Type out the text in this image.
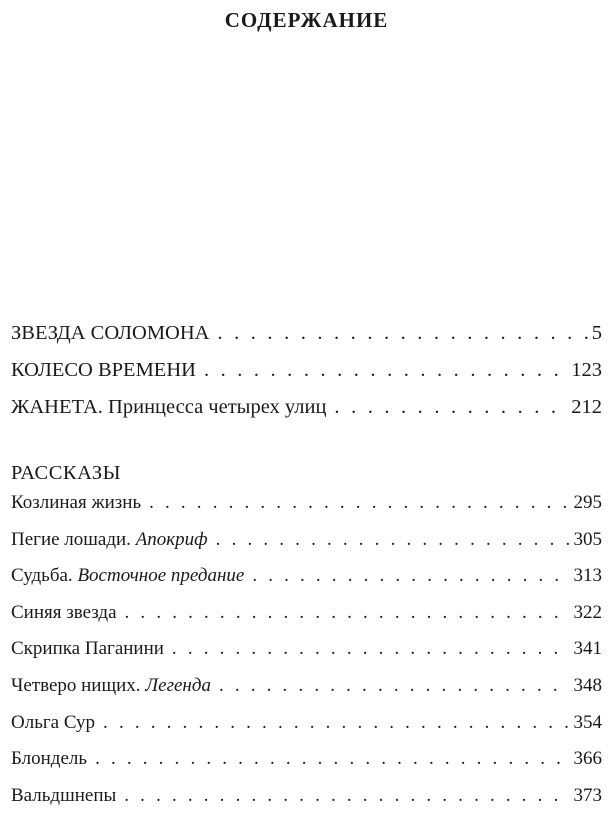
СОДЕРЖАНИЕ
ЗВЕЗДА СОЛОМОНА . . .	5
КОЛЕСО ВРЕМЕНИ . . .	123
ЖАНЕТА. Принцесса четырех улиц . . .	212
РАССКАЗЫ
Козлиная жизнь . . .	295
Пегие лошади. Апокриф . . .	305
Судьба. Восточное предание . . .	313
Синяя звезда . . .	322
Скрипка Паганини . . .	341
Четверо нищих. Легенда . . .	348
Ольга Сур . . .	354
Блондель . . .	366
Вальдшнепы . . .	373
